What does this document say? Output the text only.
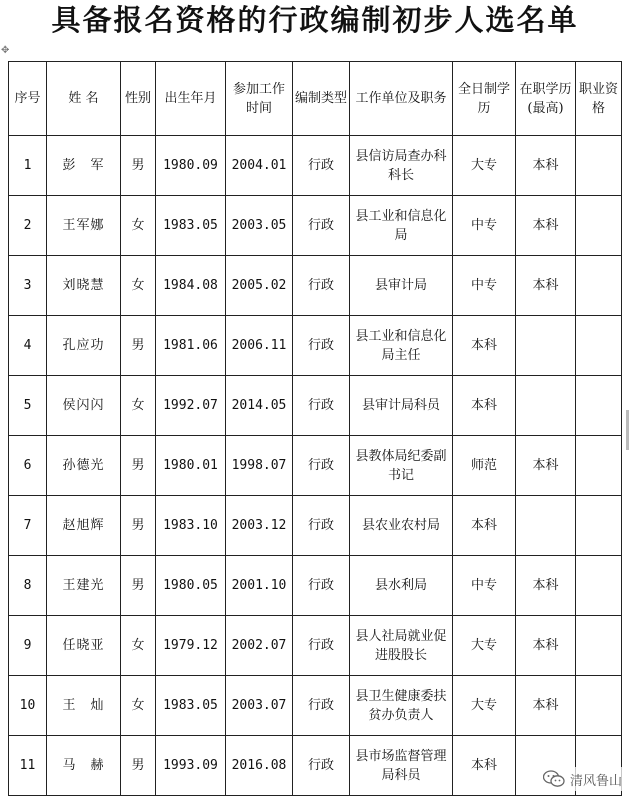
具备报名资格的行政编制初步人选名单
✥
序号	姓 名	性别	出生年月	参加工作时间	编制类型	工作单位及职务	全日制学历	在职学历(最高)	职业资格
1	彭　军	男	1980.09	2004.01	行政	县信访局查办科科长	大专	本科	
2	王军娜	女	1983.05	2003.05	行政	县工业和信息化局	中专	本科	
3	刘晓慧	女	1984.08	2005.02	行政	县审计局	中专	本科	
4	孔应功	男	1981.06	2006.11	行政	县工业和信息化局主任	本科		
5	侯闪闪	女	1992.07	2014.05	行政	县审计局科员	本科		
6	孙德光	男	1980.01	1998.07	行政	县教体局纪委副书记	师范	本科	
7	赵旭辉	男	1983.10	2003.12	行政	县农业农村局	本科		
8	王建光	男	1980.05	2001.10	行政	县水利局	中专	本科	
9	任晓亚	女	1979.12	2002.07	行政	县人社局就业促进股股长	大专	本科	
10	王　灿	女	1983.05	2003.07	行政	县卫生健康委扶贫办负责人	大专	本科	
11	马　赫	男	1993.09	2016.08	行政	县市场监督管理局科员	本科		
清风鲁山
